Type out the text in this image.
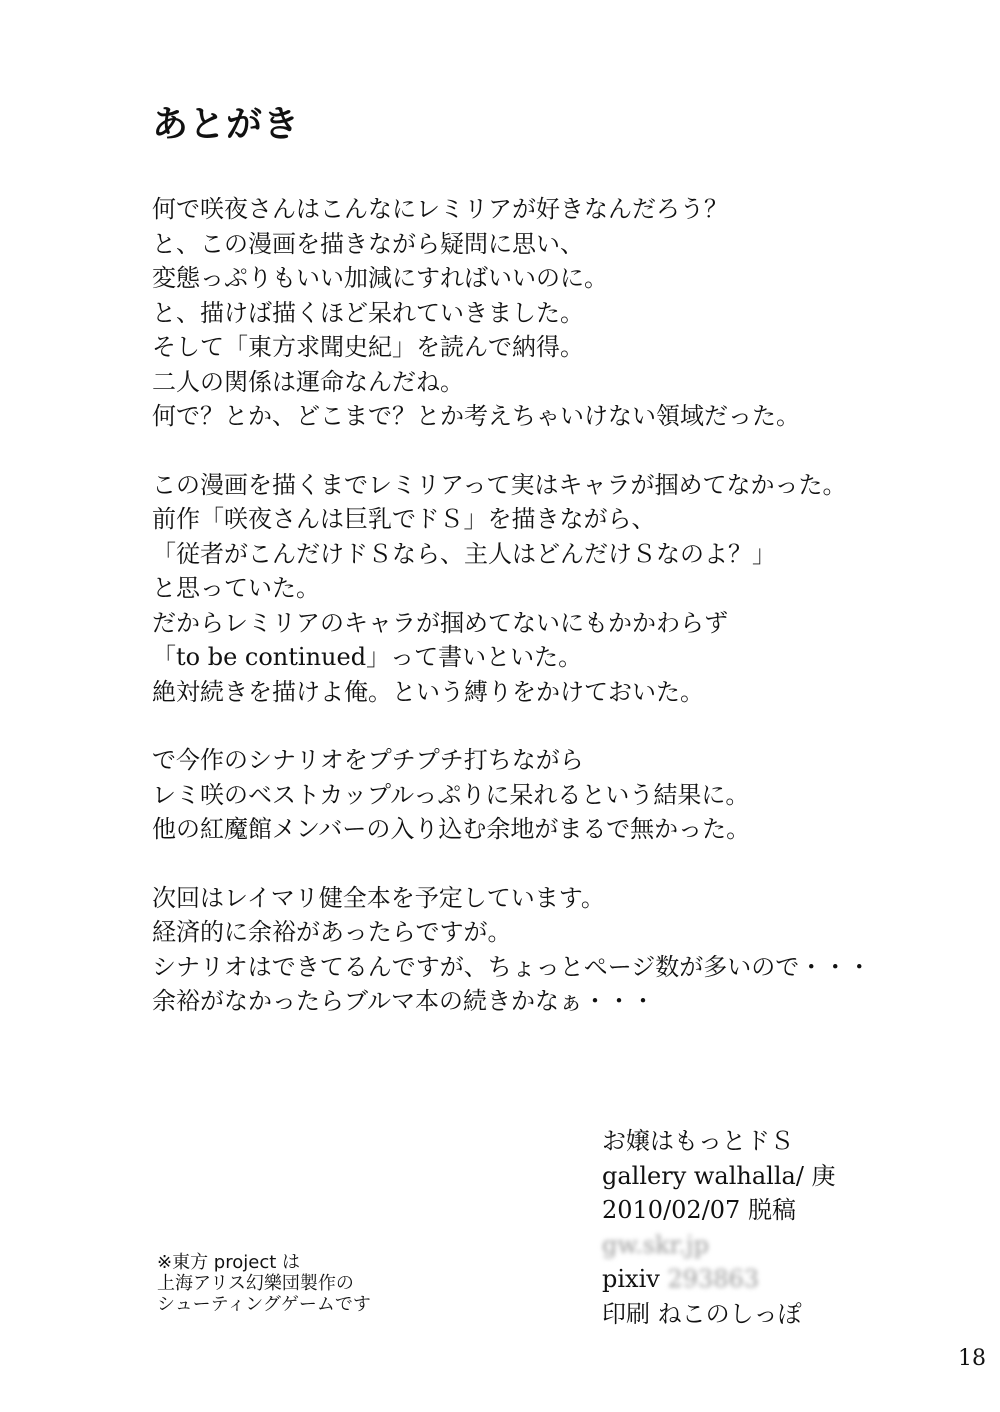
あとがき
何で咲夜さんはこんなにレミリアが好きなんだろう？
と、この漫画を描きながら疑問に思い、
変態っぷりもいい加減にすればいいのに。
と、描けば描くほど呆れていきました。
そして「東方求聞史紀」を読んで納得。
二人の関係は運命なんだね。
何で？とか、どこまで？とか考えちゃいけない領域だった。
この漫画を描くまでレミリアって実はキャラが掴めてなかった。
前作「咲夜さんは巨乳でドＳ」を描きながら、
「従者がこんだけドＳなら、主人はどんだけＳなのよ？」
と思っていた。
だからレミリアのキャラが掴めてないにもかかわらず
「to be continued」って書いといた。
絶対続きを描けよ俺。という縛りをかけておいた。
で今作のシナリオをプチプチ打ちながら
レミ咲のベストカップルっぷりに呆れるという結果に。
他の紅魔館メンバーの入り込む余地がまるで無かった。
次回はレイマリ健全本を予定しています。
経済的に余裕があったらですが。
シナリオはできてるんですが、ちょっとページ数が多いので・・・
余裕がなかったらブルマ本の続きかなぁ・・・
お嬢はもっとドＳ
gallery walhalla/ 庚
2010/02/07 脱稿
gw.skr.jp
pixiv 293863
印刷 ねこのしっぽ
※東方 project は
上海アリス幻樂団製作の
シューティングゲームです
18
